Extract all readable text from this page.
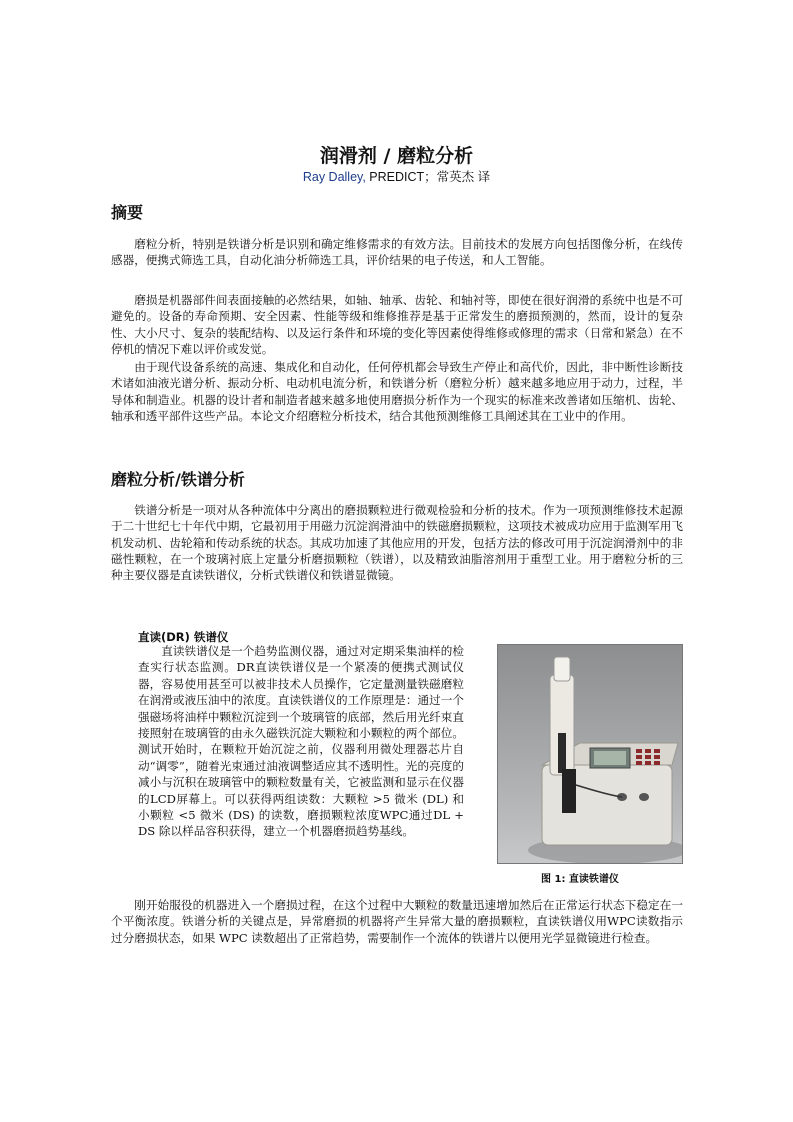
润滑剂 / 磨粒分析
Ray Dalley, PREDICT；常英杰 译
摘要

磨粒分析，特别是铁谱分析是识别和确定维修需求的有效方法。目前技术的发展方向包括图像分析，在线传感器，便携式筛选工具，自动化油分析筛选工具，评价结果的电子传送，和人工智能。

磨损是机器部件间表面接触的必然结果，如轴、轴承、齿轮、和轴衬等，即使在很好润滑的系统中也是不可避免的。设备的寿命预期、安全因素、性能等级和维修推荐是基于正常发生的磨损预测的，然而，设计的复杂性、大小尺寸、复杂的装配结构、以及运行条件和环境的变化等因素使得维修或修理的需求（日常和紧急）在不停机的情况下难以评价或发觉。

由于现代设备系统的高速、集成化和自动化，任何停机都会导致生产停止和高代价，因此，非中断性诊断技术诸如油液光谱分析、振动分析、电动机电流分析，和铁谱分析（磨粒分析）越来越多地应用于动力，过程，半导体和制造业。机器的设计者和制造者越来越多地使用磨损分析作为一个现实的标准来改善诸如压缩机、齿轮、轴承和透平部件这些产品。本论文介绍磨粒分析技术，结合其他预测维修工具阐述其在工业中的作用。

磨粒分析/铁谱分析

铁谱分析是一项对从各种流体中分离出的磨损颗粒进行微观检验和分析的技术。作为一项预测维修技术起源于二十世纪七十年代中期，它最初用于用磁力沉淀润滑油中的铁磁磨损颗粒，这项技术被成功应用于监测军用飞机发动机、齿轮箱和传动系统的状态。其成功加速了其他应用的开发，包括方法的修改可用于沉淀润滑剂中的非磁性颗粒，在一个玻璃衬底上定量分析磨损颗粒（铁谱），以及精致油脂溶剂用于重型工业。用于磨粒分析的三种主要仪器是直读铁谱仪，分析式铁谱仪和铁谱显微镜。

直读(DR) 铁谱仪

直读铁谱仪是一个趋势监测仪器，通过对定期采集油样的检查实行状态监测。DR直读铁谱仪是一个紧凑的便携式测试仪器，容易使用甚至可以被非技术人员操作，它定量测量铁磁磨粒在润滑或液压油中的浓度。直读铁谱仪的工作原理是：通过一个强磁场将油样中颗粒沉淀到一个玻璃管的底部，然后用光纤束直接照射在玻璃管的由永久磁铁沉淀大颗粒和小颗粒的两个部位。测试开始时，在颗粒开始沉淀之前，仪器利用微处理器芯片自动“调零”，随着光束通过油液调整适应其不透明性。光的亮度的减小与沉积在玻璃管中的颗粒数量有关，它被监测和显示在仪器的LCD屏幕上。可以获得两组读数：大颗粒 >5 微米 (DL) 和小颗粒 <5 微米 (DS) 的读数，磨损颗粒浓度WPC通过DL + DS 除以样品容积获得，建立一个机器磨损趋势基线。

图 1: 直读铁谱仪

刚开始服役的机器进入一个磨损过程，在这个过程中大颗粒的数量迅速增加然后在正常运行状态下稳定在一个平衡浓度。铁谱分析的关键点是，异常磨损的机器将产生异常大量的磨损颗粒，直读铁谱仪用WPC读数指示过分磨损状态，如果 WPC 读数超出了正常趋势，需要制作一个流体的铁谱片以便用光学显微镜进行检查。
